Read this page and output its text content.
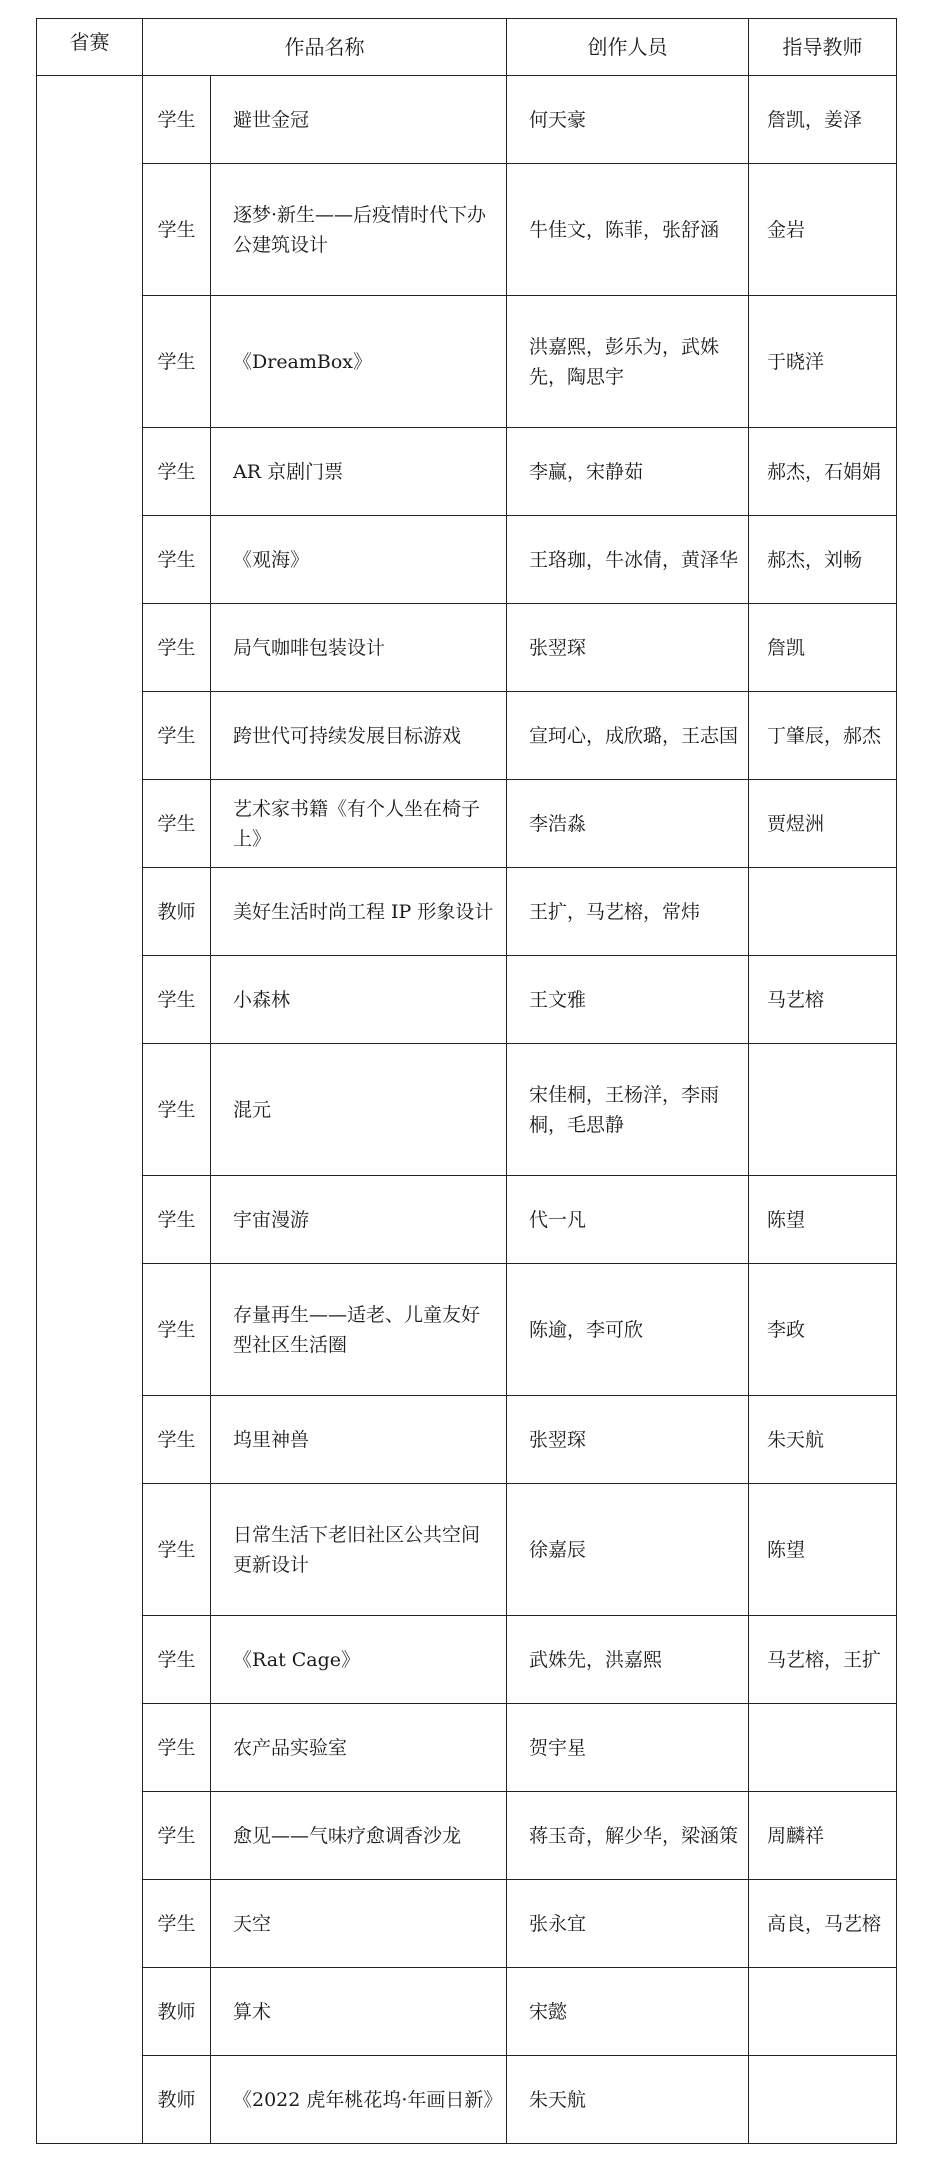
省赛	作品名称		创作人员	指导教师
	学生	避世金冠	何天豪	詹凯，姜泽
	学生	逐梦·新生——后疫情时代下办公建筑设计	牛佳文，陈菲，张舒涵	金岩
	学生	《DreamBox》	洪嘉熙，彭乐为，武姝先，陶思宇	于晓洋
	学生	AR 京剧门票	李赢，宋静茹	郝杰，石娟娟
	学生	《观海》	王珞珈，牛冰倩，黄泽华	郝杰，刘畅
	学生	局气咖啡包装设计	张翌琛	詹凯
	学生	跨世代可持续发展目标游戏	宣珂心，成欣璐，王志国	丁肇辰，郝杰
	学生	艺术家书籍《有个人坐在椅子上》	李浩淼	贾煜洲
	教师	美好生活时尚工程 IP 形象设计	王扩，马艺榕，常炜	
	学生	小森林	王文雅	马艺榕
	学生	混元	宋佳桐，王杨洋，李雨桐，毛思静	
	学生	宇宙漫游	代一凡	陈望
	学生	存量再生——适老、儿童友好型社区生活圈	陈逾，李可欣	李政
	学生	坞里神兽	张翌琛	朱天航
	学生	日常生活下老旧社区公共空间更新设计	徐嘉辰	陈望
	学生	《Rat Cage》	武姝先，洪嘉熙	马艺榕，王扩
	学生	农产品实验室	贺宇星	
	学生	愈见——气味疗愈调香沙龙	蒋玉奇，解少华，梁涵策	周麟祥
	学生	天空	张永宜	高良，马艺榕
	教师	算术	宋懿	
	教师	《2022 虎年桃花坞·年画日新》	朱天航	
